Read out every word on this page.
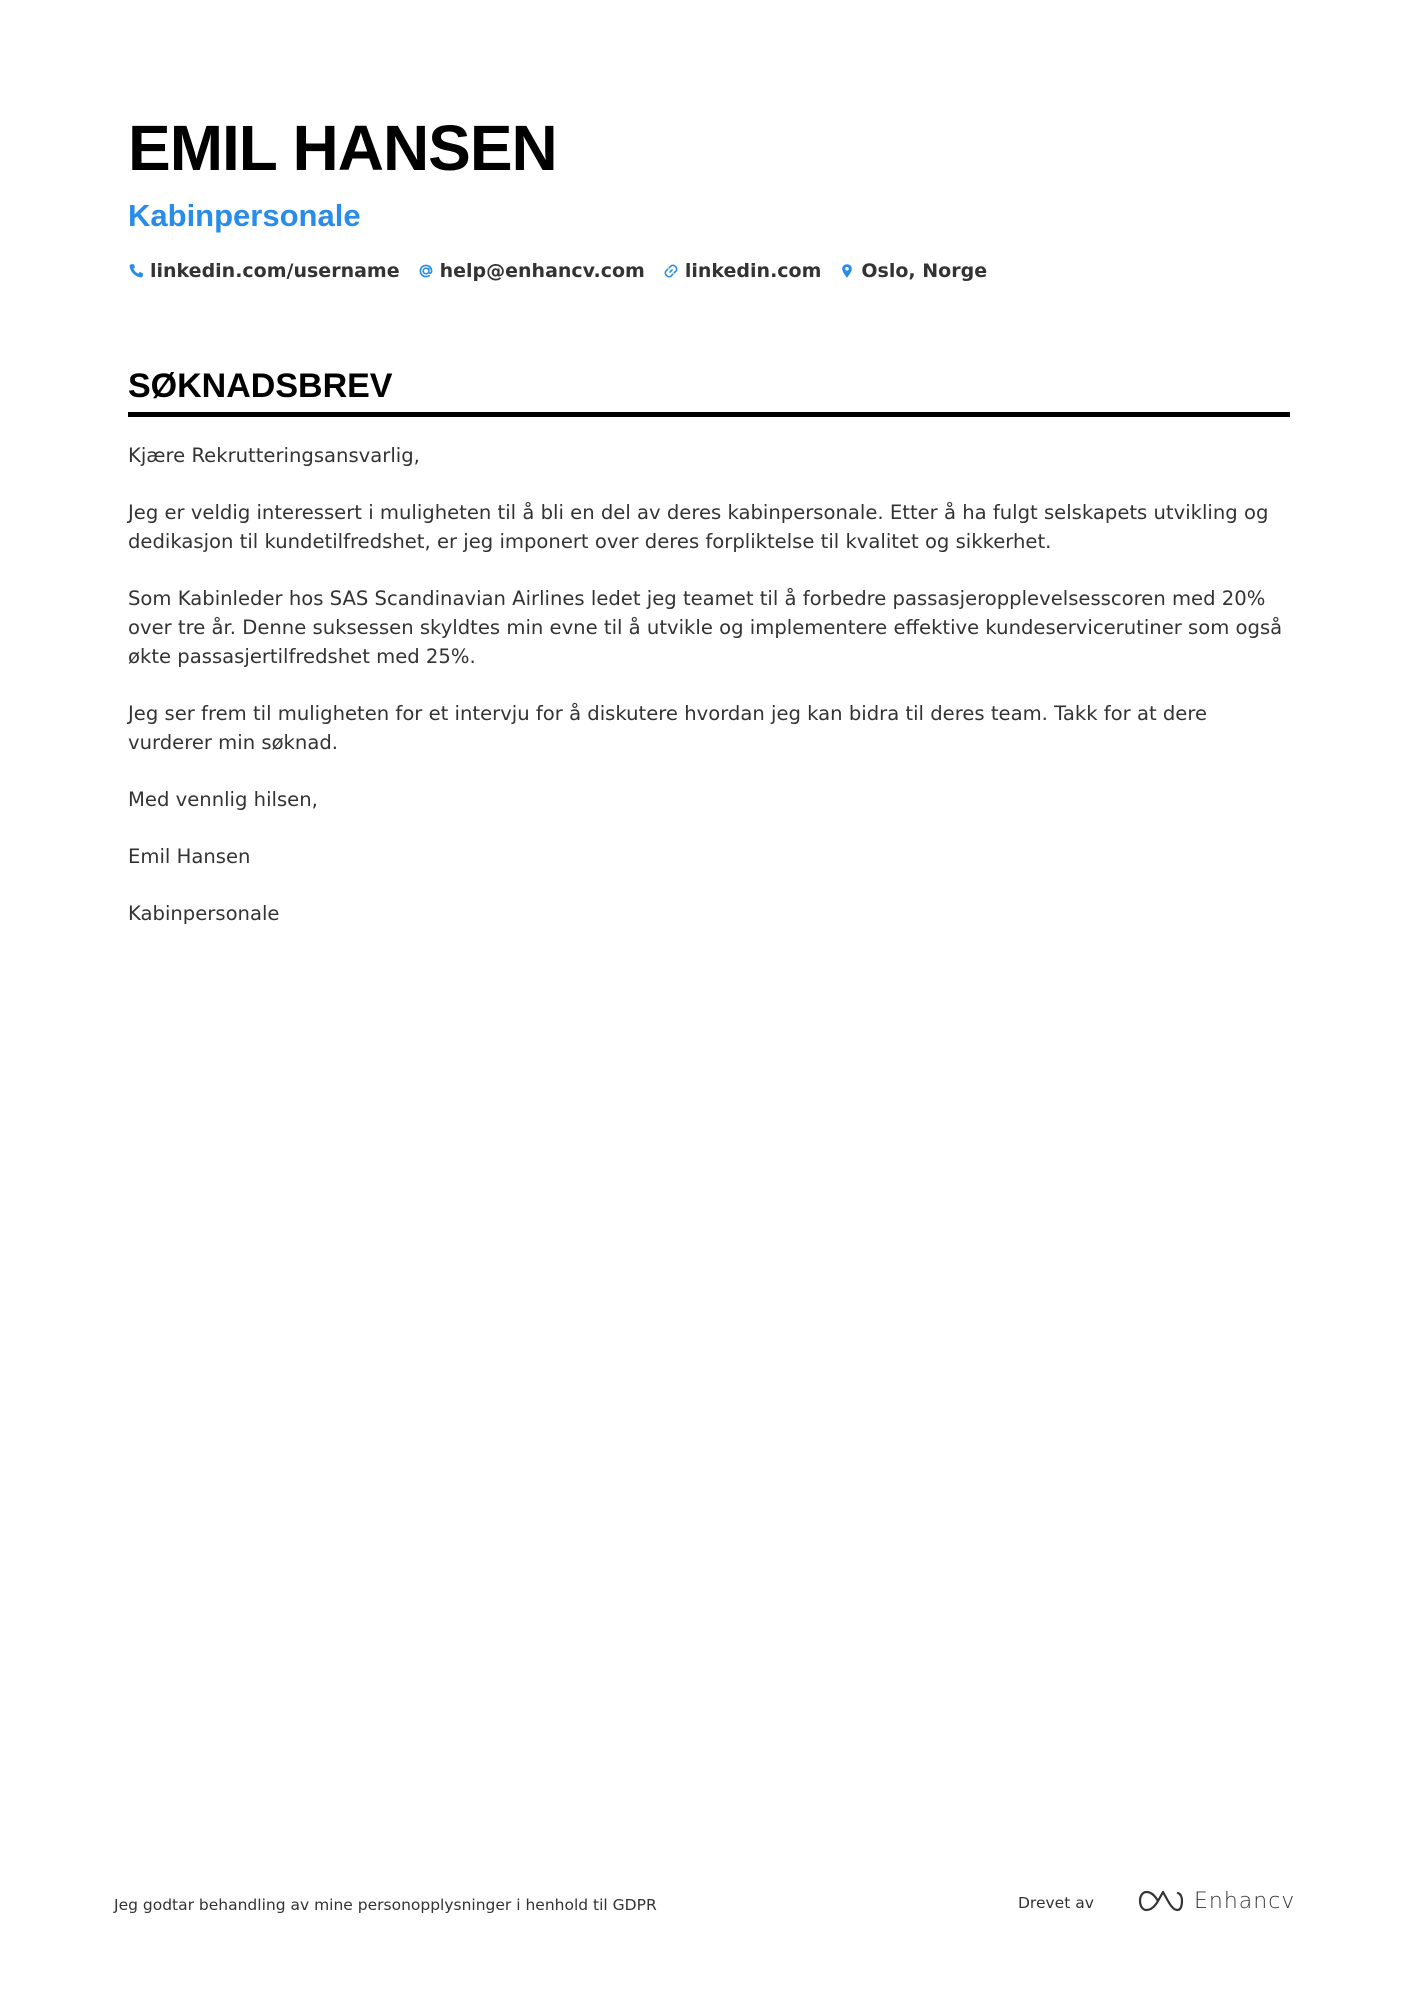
EMIL HANSEN
Kabinpersonale
linkedin.com/username help@enhancv.com linkedin.com Oslo, Norge
SØKNADSBREV

Kjære Rekrutteringsansvarlig,

Jeg er veldig interessert i muligheten til å bli en del av deres kabinpersonale. Etter å ha fulgt selskapets utvikling og dedikasjon til kundetilfredshet, er jeg imponert over deres forpliktelse til kvalitet og sikkerhet.

Som Kabinleder hos SAS Scandinavian Airlines ledet jeg teamet til å forbedre passasjeropplevelsesscoren med 20% over tre år. Denne suksessen skyldtes min evne til å utvikle og implementere effektive kundeservicerutiner som også økte passasjertilfredshet med 25%.

Jeg ser frem til muligheten for et intervju for å diskutere hvordan jeg kan bidra til deres team. Takk for at dere vurderer min søknad.

Med vennlig hilsen,

Emil Hansen

Kabinpersonale

Jeg godtar behandling av mine personopplysninger i henhold til GDPR	Drevet av	Enhancv
